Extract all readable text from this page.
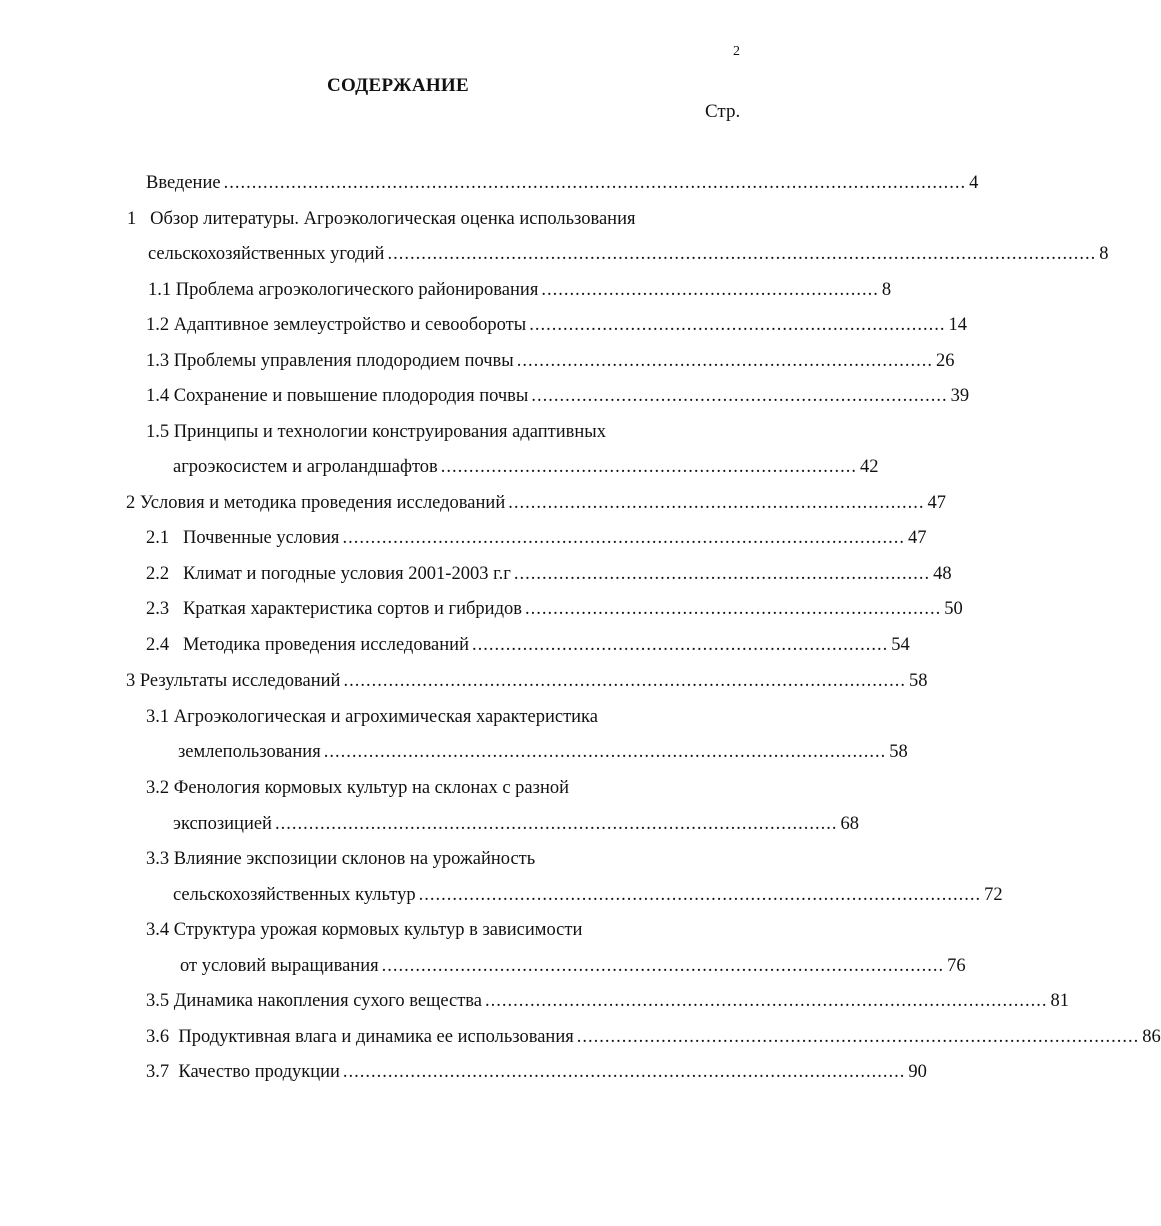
2
СОДЕРЖАНИЕ
Стр.
Введение .................................................................................................................................... 4
1 Обзор литературы. Агроэкологическая оценка использования
сельскохозяйственных угодий .............................................................................................................................. 8
1.1 Проблема агроэкологического районирования ............................................................ 8
1.2 Адаптивное землеустройство и севообороты .......................................................................... 14
1.3 Проблемы управления плодородием почвы .......................................................................... 26
1.4 Сохранение и повышение плодородия почвы .......................................................................... 39
1.5 Принципы и технологии конструирования адаптивных
агроэкосистем и агроландшафтов .......................................................................... 42
2 Условия и методика проведения исследований .......................................................................... 47
2.1   Почвенные условия .................................................................................................... 47
2.2   Климат и погодные условия 2001-2003 г.г .......................................................................... 48
2.3   Краткая характеристика сортов и гибридов .......................................................................... 50
2.4   Методика проведения исследований .......................................................................... 54
3 Результаты исследований .................................................................................................... 58
3.1 Агроэкологическая и агрохимическая характеристика
землепользования .................................................................................................... 58
3.2 Фенология кормовых культур на склонах с разной
экспозицией .................................................................................................... 68
3.3 Влияние экспозиции склонов на урожайность
сельскохозяйственных культур .................................................................................................... 72
3.4 Структура урожая кормовых культур в зависимости
от условий выращивания .................................................................................................... 76
3.5 Динамика накопления сухого вещества .................................................................................................... 81
3.6  Продуктивная влага и динамика ее использования .................................................................................................... 86
3.7  Качество продукции .................................................................................................... 90
